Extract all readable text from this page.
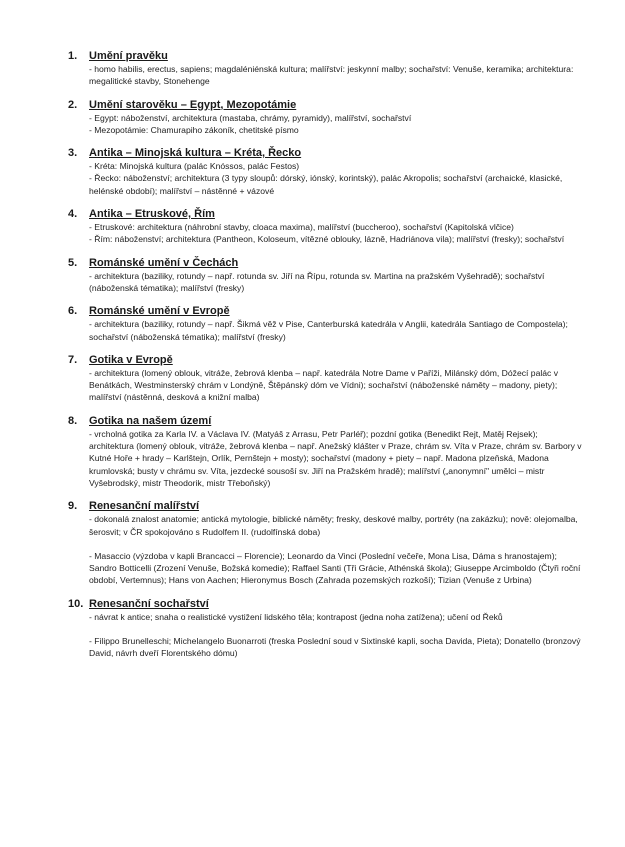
1.	Umění pravěku

- homo habilis, erectus, sapiens; magdaléniénská kultura; malířství: jeskynní malby; sochařství: Venuše, keramika; architektura: megalitické stavby, Stonehenge

2.	Umění starověku – Egypt, Mezopotámie

- Egypt: náboženství, architektura (mastaba, chrámy, pyramidy), malířství, sochařství

- Mezopotámie: Chamurapiho zákoník, chetitské písmo

3.	Antika – Minojská kultura – Kréta, Řecko

- Kréta: Minojská kultura (palác Knóssos, palác Festos)

- Řecko: náboženství; architektura (3 typy sloupů: dórský, iónský, korintský), palác Akropolis; sochařství (archaické, klasické, helénské období); malířství – nástěnné + vázové

4.	Antika – Etruskové, Řím

- Etruskové: architektura (náhrobní stavby, cloaca maxima), malířství (buccheroo), sochařství (Kapitolská vlčice)

- Řím: náboženství; architektura (Pantheon, Koloseum, vítězné oblouky, lázně, Hadriánova vila); malířství (fresky); sochařství

5.	Románské umění v Čechách

- architektura (baziliky, rotundy – např. rotunda sv. Jiří na Řípu, rotunda sv. Martina na pražském Vyšehradě); sochařství (náboženská tématika); malířství (fresky)

6.	Románské umění v Evropě

- architektura (baziliky, rotundy – např. Šikmá věž v Pise, Canterburská katedrála v Anglii, katedrála Santiago de Compostela); sochařství (náboženská tématika); malířství (fresky)

7.	Gotika v Evropě

- architektura (lomený oblouk, vitráže, žebrová klenba – např. katedrála Notre Dame v Paříži, Milánský dóm, Dóžecí palác v Benátkách, Westminsterský chrám v Londýně, Štěpánský dóm ve Vídni); sochařství (náboženské náměty – madony, piety); malířství (nástěnná, desková a knižní malba)

8.	Gotika na našem území

- vrcholná gotika za Karla IV. a Václava IV. (Matyáš z Arrasu, Petr Parléř); pozdní gotika (Benedikt Rejt, Matěj Rejsek); architektura (lomený oblouk, vitráže, žebrová klenba – např. Anežský klášter v Praze, chrám sv. Víta v Praze, chrám sv. Barbory v Kutné Hoře + hrady – Karlštejn, Orlík, Pernštejn + mosty); sochařství (madony + piety – např. Madona plzeňská, Madona krumlovská; busty v chrámu sv. Víta, jezdecké sousoší sv. Jiří na Pražském hradě); malířství („anonymní" umělci – mistr Vyšebrodský, mistr Theodorik, mistr Třeboňský)

9.	Renesanční malířství

- dokonalá znalost anatomie; antická mytologie, biblické náměty; fresky, deskové malby, portréty (na zakázku); nově: olejomalba, šerosvit; v ČR spokojováno s Rudolfem II. (rudolfínská doba)

- Masaccio (výzdoba v kapli Brancacci – Florencie); Leonardo da Vinci (Poslední večeře, Mona Lisa, Dáma s hranostajem); Sandro Botticelli (Zrození Venuše, Božská komedie); Raffael Santi (Tři Grácie, Athénská škola); Giuseppe Arcimboldo (Čtyři roční období, Vertemnus); Hans von Aachen; Hieronymus Bosch (Zahrada pozemských rozkoší); Tizian (Venuše z Urbina)

10. Renesanční sochařství

- návrat k antice; snaha o realistické vystižení lidského těla; kontrapost (jedna noha zatížena); učení od Řeků

- Filippo Brunelleschi; Michelangelo Buonarroti (freska Poslední soud v Sixtinské kapli, socha Davida, Pieta); Donatello (bronzový David, návrh dveří Florentského dómu)
